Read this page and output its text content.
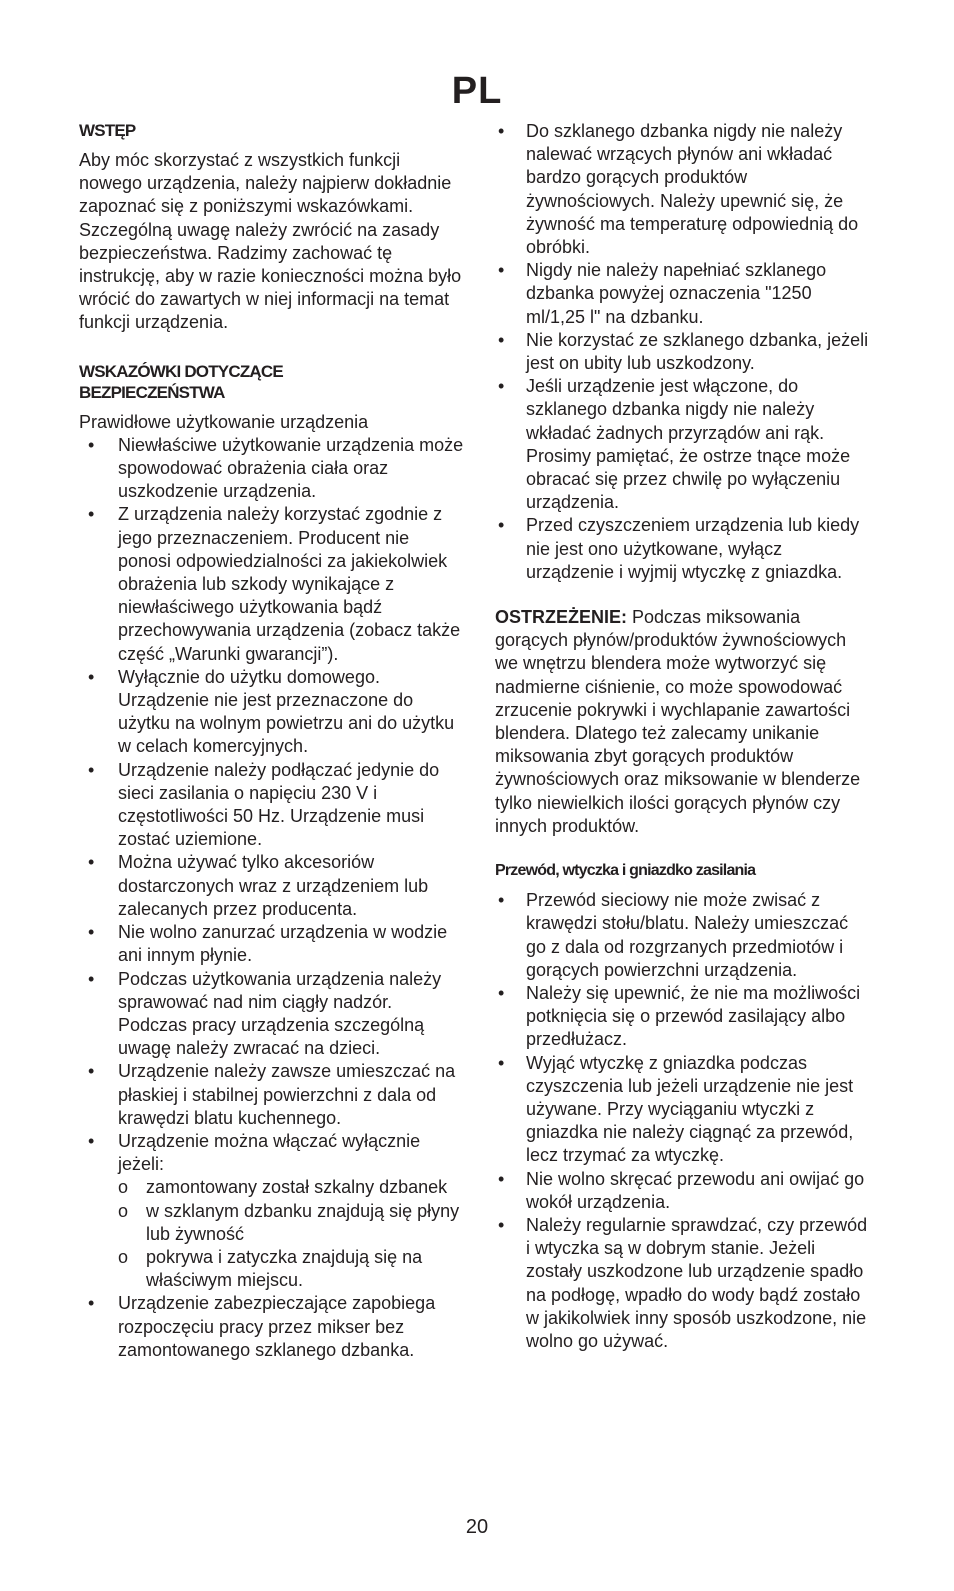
PL
WSTĘP

Aby móc skorzystać z wszystkich funkcji nowego urządzenia, należy najpierw dokładnie zapoznać się z poniższymi wskazówkami. Szczególną uwagę należy zwrócić na zasady bezpieczeństwa. Radzimy zachować tę instrukcję, aby w razie konieczności można było wrócić do zawartych w niej informacji na temat funkcji urządzenia.

WSKAZÓWKI DOTYCZĄCE BEZPIECZEŃSTWA

Prawidłowe użytkowanie urządzenia

• Niewłaściwe użytkowanie urządzenia może spowodować obrażenia ciała oraz uszkodzenie urządzenia.
• Z urządzenia należy korzystać zgodnie z jego przeznaczeniem. Producent nie ponosi odpowiedzialności za jakiekolwiek obrażenia lub szkody wynikające z niewłaściwego użytkowania bądź przechowywania urządzenia (zobacz także część „Warunki gwarancji”).
• Wyłącznie do użytku domowego. Urządzenie nie jest przeznaczone do użytku na wolnym powietrzu ani do użytku w celach komercyjnych.
• Urządzenie należy podłączać jedynie do sieci zasilania o napięciu 230 V i częstotliwości 50 Hz. Urządzenie musi zostać uziemione.
• Można używać tylko akcesoriów dostarczonych wraz z urządzeniem lub zalecanych przez producenta.
• Nie wolno zanurzać urządzenia w wodzie ani innym płynie.
• Podczas użytkowania urządzenia należy sprawować nad nim ciągły nadzór. Podczas pracy urządzenia szczególną uwagę należy zwracać na dzieci.
• Urządzenie należy zawsze umieszczać na płaskiej i stabilnej powierzchni z dala od krawędzi blatu kuchennego.
• Urządzenie można włączać wyłącznie jeżeli:
o zamontowany został szkalny dzbanek
o w szklanym dzbanku znajdują się płyny lub żywność
o pokrywa i zatyczka znajdują się na właściwym miejscu.
• Urządzenie zabezpieczające zapobiega rozpoczęciu pracy przez mikser bez zamontowanego szklanego dzbanka.
• Do szklanego dzbanka nigdy nie należy nalewać wrzących płynów ani wkładać bardzo gorących produktów żywnościowych. Należy upewnić się, że żywność ma temperaturę odpowiednią do obróbki.
• Nigdy nie należy napełniać szklanego dzbanka powyżej oznaczenia "1250 ml/1,25 l" na dzbanku.
• Nie korzystać ze szklanego dzbanka, jeżeli jest on ubity lub uszkodzony.
• Jeśli urządzenie jest włączone, do szklanego dzbanka nigdy nie należy wkładać żadnych przyrządów ani rąk. Prosimy pamiętać, że ostrze tnące może obracać się przez chwilę po wyłączeniu urządzenia.
• Przed czyszczeniem urządzenia lub kiedy nie jest ono użytkowane, wyłącz urządzenie i wyjmij wtyczkę z gniazdka.

OSTRZEŻENIE: Podczas miksowania gorących płynów/produktów żywnościowych we wnętrzu blendera może wytworzyć się nadmierne ciśnienie, co może spowodować zrzucenie pokrywki i wychlapanie zawartości blendera. Dlatego też zalecamy unikanie miksowania zbyt gorących produktów żywnościowych oraz miksowanie w blenderze tylko niewielkich ilości gorących płynów czy innych produktów.

Przewód, wtyczka i gniazdko zasilania
• Przewód sieciowy nie może zwisać z krawędzi stołu/blatu. Należy umieszczać go z dala od rozgrzanych przedmiotów i gorących powierzchni urządzenia.
• Należy się upewnić, że nie ma możliwości potknięcia się o przewód zasilający albo przedłużacz.
• Wyjąć wtyczkę z gniazdka podczas czyszczenia lub jeżeli urządzenie nie jest używane. Przy wyciąganiu wtyczki z gniazdka nie należy ciągnąć za przewód, lecz trzymać za wtyczkę.
• Nie wolno skręcać przewodu ani owijać go wokół urządzenia.
• Należy regularnie sprawdzać, czy przewód i wtyczka są w dobrym stanie. Jeżeli zostały uszkodzone lub urządzenie spadło na podłogę, wpadło do wody bądź zostało w jakikolwiek inny sposób uszkodzone, nie wolno go używać.
20
